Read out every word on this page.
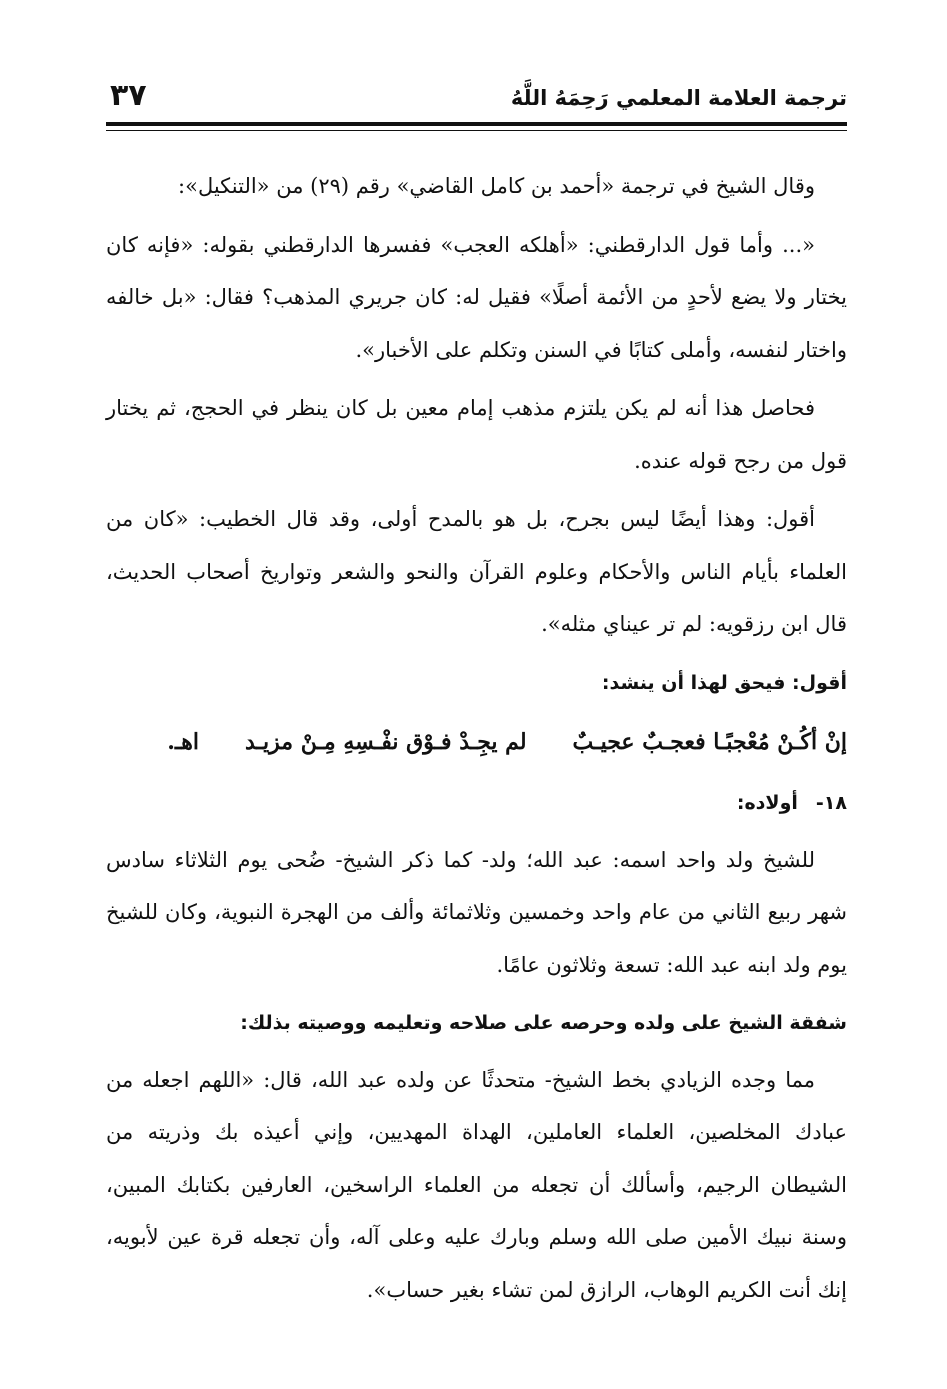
ترجمة العلامة المعلمي رَحِمَهُ اللَّهُ
٣٧

وقال الشيخ في ترجمة «أحمد بن كامل القاضي» رقم (٢٩) من «التنكيل»:

«... وأما قول الدارقطني: «أهلكه العجب» ففسرها الدارقطني بقوله: «فإنه كان يختار ولا يضع لأحدٍ من الأئمة أصلًا» فقيل له: كان جريري المذهب؟ فقال: «بل خالفه واختار لنفسه، وأملى كتابًا في السنن وتكلم على الأخبار».

فحاصل هذا أنه لم يكن يلتزم مذهب إمام معين بل كان ينظر في الحجج، ثم يختار قول من رجح قوله عنده.

أقول: وهذا أيضًا ليس بجرح، بل هو بالمدح أولى، وقد قال الخطيب: «كان من العلماء بأيام الناس والأحكام وعلوم القرآن والنحو والشعر وتواريخ أصحاب الحديث، قال ابن رزقويه: لم تر عيناي مثله».

أقول: فيحق لهذا أن ينشد:
إنْ أكُـنْ مُعْجبًـا فعجـبٌ عجيـبٌ
لم يجِـدْ فـوْق نفْـسِهِ مِـنْ مزيـد
اهـ.
١٨-أولاده:

للشيخ ولد واحد اسمه: عبد الله؛ ولد- كما ذكر الشيخ- ضُحى يوم الثلاثاء سادس شهر ربيع الثاني من عام واحد وخمسين وثلاثمائة وألف من الهجرة النبوية، وكان للشيخ يوم ولد ابنه عبد الله: تسعة وثلاثون عامًا.

شفقة الشيخ على ولده وحرصه على صلاحه وتعليمه ووصيته بذلك:

مما وجده الزيادي بخط الشيخ- متحدثًا عن ولده عبد الله، قال: «اللهم اجعله من عبادك المخلصين، العلماء العاملين، الهداة المهديين، وإني أعيذه بك وذريته من الشيطان الرجيم، وأسألك أن تجعله من العلماء الراسخين، العارفين بكتابك المبين، وسنة نبيك الأمين صلى الله وسلم وبارك عليه وعلى آله، وأن تجعله قرة عين لأبويه، إنك أنت الكريم الوهاب، الرازق لمن تشاء بغير حساب».
